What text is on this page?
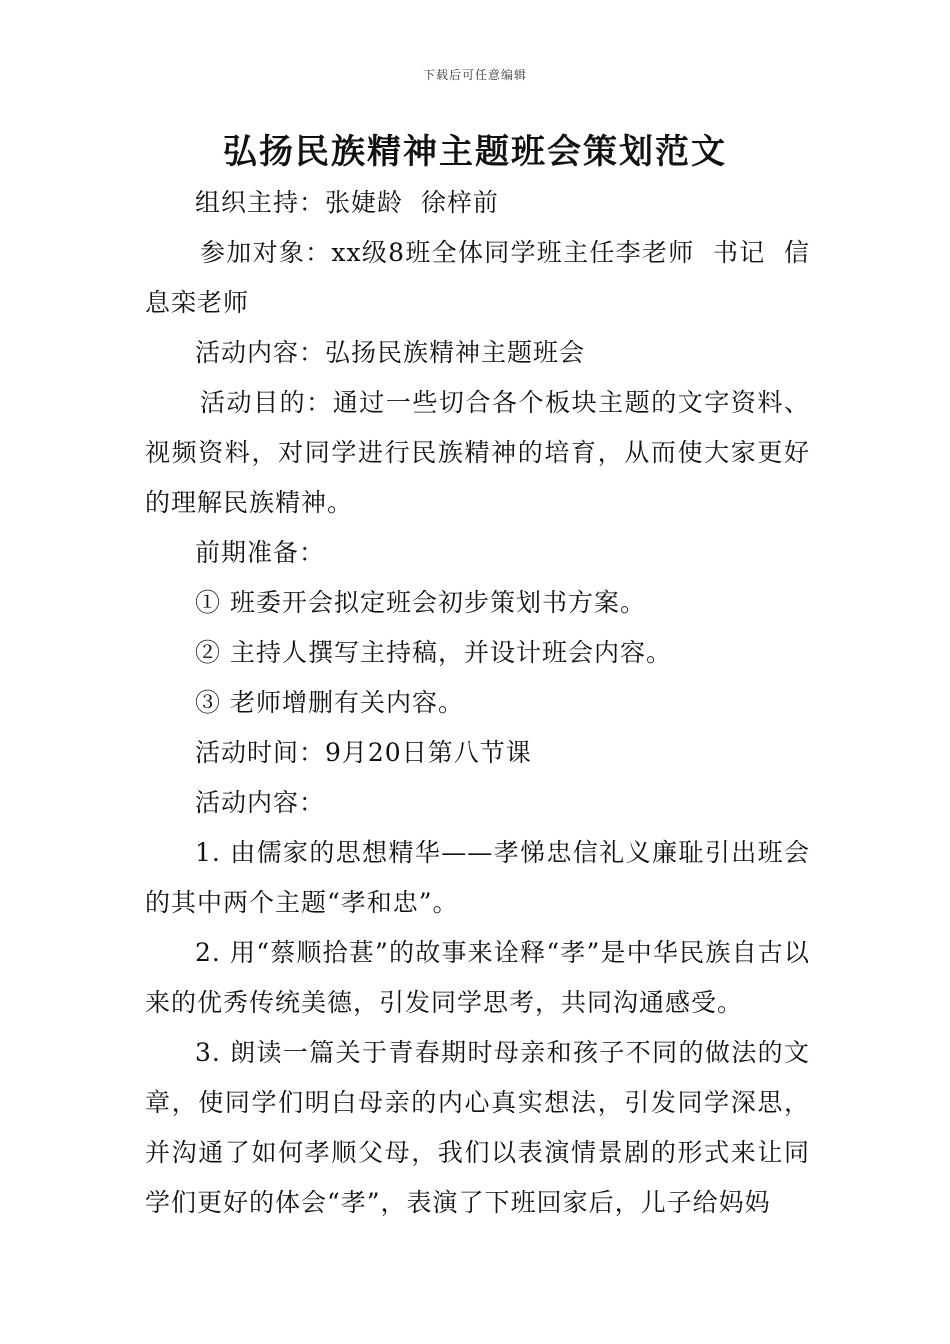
下载后可任意编辑
弘扬民族精神主题班会策划范文

组织主持：张婕龄  徐梓前

参加对象：xx级8班全体同学班主任李老师  书记  信息栾老师

活动内容：弘扬民族精神主题班会

活动目的：通过一些切合各个板块主题的文字资料、视频资料，对同学进行民族精神的培育，从而使大家更好的理解民族精神。

前期准备：

① 班委开会拟定班会初步策划书方案。

② 主持人撰写主持稿，并设计班会内容。

③ 老师增删有关内容。

活动时间：9月20日第八节课

活动内容：

1. 由儒家的思想精华——孝悌忠信礼义廉耻引出班会的其中两个主题“孝和忠”。

2. 用“蔡顺拾葚”的故事来诠释“孝”是中华民族自古以来的优秀传统美德，引发同学思考，共同沟通感受。

3. 朗读一篇关于青春期时母亲和孩子不同的做法的文章，使同学们明白母亲的内心真实想法，引发同学深思，并沟通了如何孝顺父母，我们以表演情景剧的形式来让同学们更好的体会“孝”，表演了下班回家后，儿子给妈妈
